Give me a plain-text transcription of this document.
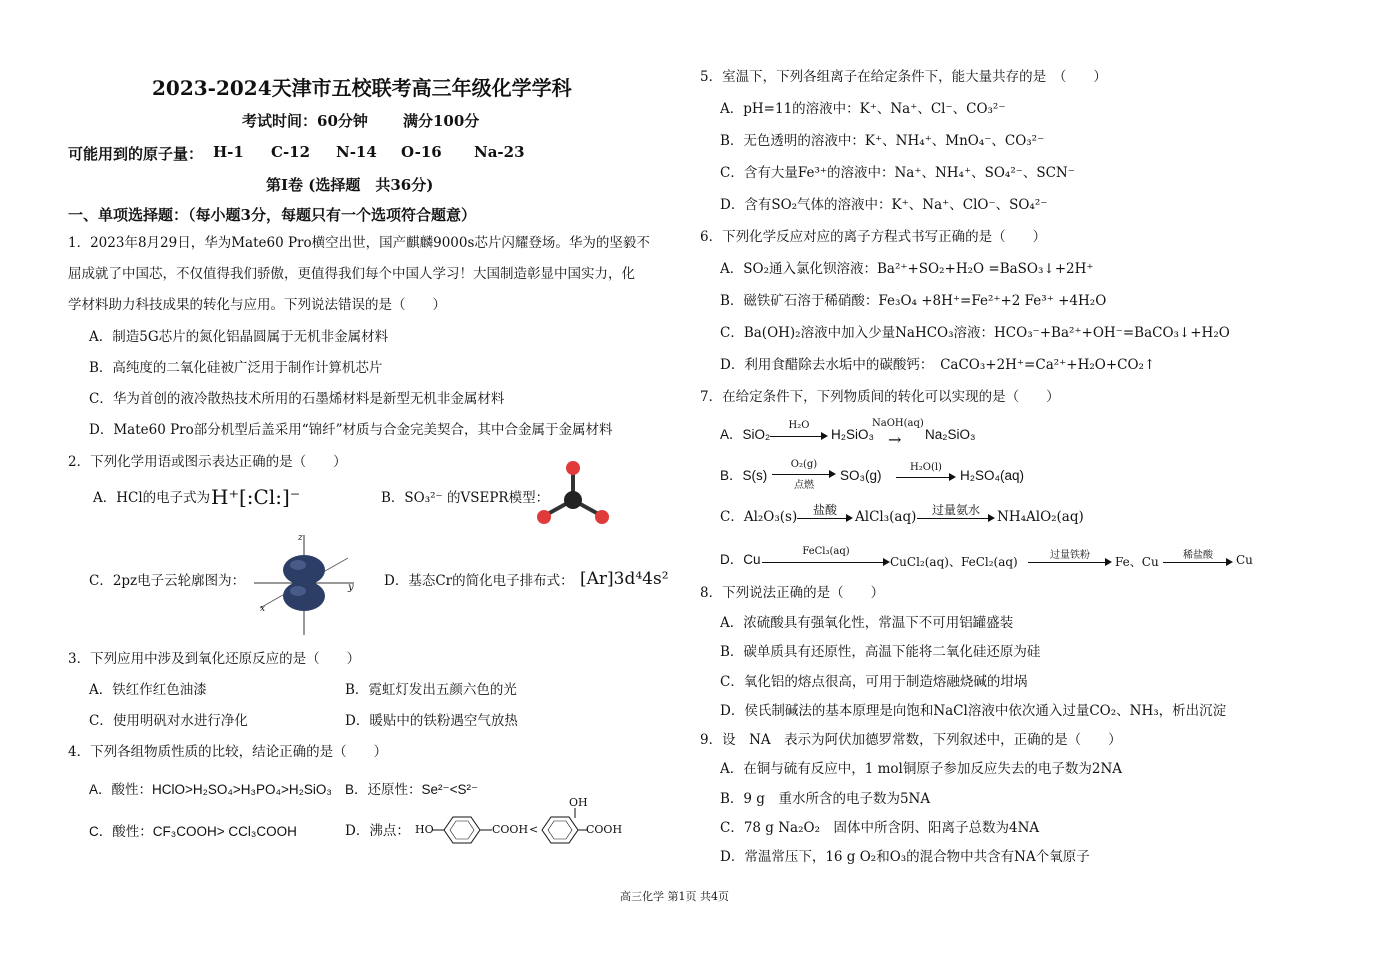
2023-2024天津市五校联考高三年级化学学科
考试时间：60分钟 满分100分
可能用到的原子量： H-1 C-12 N-14 O-16 Na-23
第I卷 (选择题　共36分)
一、单项选择题：（每小题3分，每题只有一个选项符合题意）
1．2023年8月29日，华为Mate60 Pro横空出世，国产麒麟9000s芯片闪耀登场。华为的坚毅不
屈成就了中国芯，不仅值得我们骄傲，更值得我们每个中国人学习！大国制造彰显中国实力，化
学材料助力科技成果的转化与应用。下列说法错误的是（　　）
A．制造5G芯片的氮化铝晶圆属于无机非金属材料
B．高纯度的二氧化硅被广泛用于制作计算机芯片
C．华为首创的液冷散热技术所用的石墨烯材料是新型无机非金属材料
D．Mate60 Pro部分机型后盖采用“锦纤”材质与合金完美契合，其中合金属于金属材料
2．下列化学用语或图示表达正确的是（　　）
A．HCl的电子式为 H⁺[:Cl:]⁻	B．SO₃²⁻ 的VSEPR模型：
C．2pz电子云轮廓图为：
z
x
y D．基态Cr的简化电子排布式： [Ar]3d⁴4s²
3．下列应用中涉及到氧化还原反应的是（　　）
A．铁红作红色油漆	B．霓虹灯发出五颜六色的光
C．使用明矾对水进行净化	D．暖贴中的铁粉遇空气放热
4．下列各组物质性质的比较，结论正确的是（　　）
A．酸性：HClO>H₂SO₄>H₃PO₄>H₂SiO₃ B．还原性：Se²⁻<S²⁻
C．酸性：CF₃COOH> CCl₃COOH	D．沸点： HO	COOH <
OH
COOH
5．室温下，下列各组离子在给定条件下，能大量共存的是　（　　）
A．pH=11的溶液中：K⁺、Na⁺、Cl⁻、CO₃²⁻
B．无色透明的溶液中：K⁺、NH₄⁺、MnO₄⁻、CO₃²⁻
C．含有大量Fe³⁺的溶液中：Na⁺、NH₄⁺、SO₄²⁻、SCN⁻
D．含有SO₂气体的溶液中：K⁺、Na⁺、ClO⁻、SO₄²⁻
6．下列化学反应对应的离子方程式书写正确的是（　　）
A．SO₂通入氯化钡溶液：Ba²⁺+SO₂+H₂O =BaSO₃↓+2H⁺
B．磁铁矿石溶于稀硝酸：Fe₃O₄ +8H⁺=Fe²⁺+2 Fe³⁺ +4H₂O
C．Ba(OH)₂溶液中加入少量NaHCO₃溶液：HCO₃⁻+Ba²⁺+OH⁻=BaCO₃↓+H₂O
D．利用食醋除去水垢中的碳酸钙：　CaCO₃+2H⁺=Ca²⁺+H₂O+CO₂↑
7．在给定条件下，下列物质间的转化可以实现的是（　　）
A．SiO₂
H₂O
H₂SiO₃
NaOH(aq)
→ Na₂SiO₃
B．S(s)
O₂(g)
点燃
SO₃(g)
H₂O(l)
H₂SO₄(aq)
C．Al₂O₃(s)	盐酸	AlCl₃(aq)	过量氨水	NH₄AlO₂(aq)
D．Cu
FeCl₃(aq)
CuCl₂(aq)、FeCl₂(aq)	过量铁粉	Fe、Cu	稀盐酸	Cu
8．下列说法正确的是（　　）
A．浓硫酸具有强氧化性，常温下不可用铝罐盛装
B．碳单质具有还原性，高温下能将二氧化硅还原为硅
C．氧化铝的熔点很高，可用于制造熔融烧碱的坩埚
D．侯氏制碱法的基本原理是向饱和NaCl溶液中依次通入过量CO₂、NH₃，析出沉淀
9．设　NA　表示为阿伏加德罗常数，下列叙述中，正确的是（　　）
A．在铜与硫有反应中，1 mol铜原子参加反应失去的电子数为2NA
B．9 g　重水所含的电子数为5NA
C．78 g Na₂O₂　固体中所含阴、阳离子总数为4NA
D．常温常压下，16 g O₂和O₃的混合物中共含有NA个氧原子
高三化学 第1页 共4页
